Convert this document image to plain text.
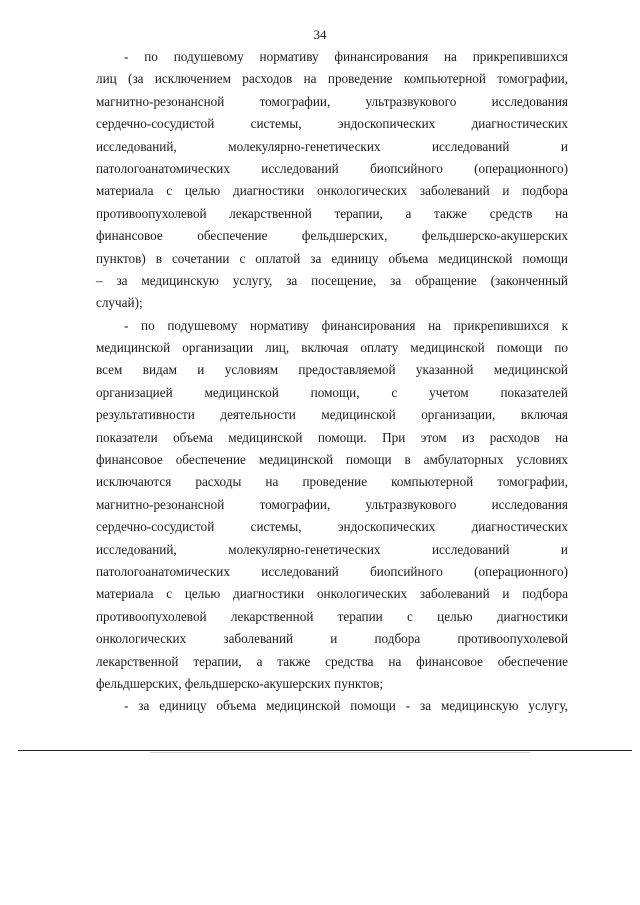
34
- по подушевому нормативу финансирования на прикрепившихся
лиц (за исключением расходов на проведение компьютерной томографии,
магнитно-резонансной томографии, ультразвукового исследования
сердечно-сосудистой системы, эндоскопических диагностических
исследований, молекулярно-генетических исследований и
патологоанатомических исследований биопсийного (операционного)
материала с целью диагностики онкологических заболеваний и подбора
противоопухолевой лекарственной терапии, а также средств на
финансовое обеспечение фельдшерских, фельдшерско-акушерских
пунктов) в сочетании с оплатой за единицу объема медицинской помощи
– за медицинскую услугу, за посещение, за обращение (законченный
случай);
- по подушевому нормативу финансирования на прикрепившихся к
медицинской организации лиц, включая оплату медицинской помощи по
всем видам и условиям предоставляемой указанной медицинской
организацией медицинской помощи, с учетом показателей
результативности деятельности медицинской организации, включая
показатели объема медицинской помощи. При этом из расходов на
финансовое обеспечение медицинской помощи в амбулаторных условиях
исключаются расходы на проведение компьютерной томографии,
магнитно-резонансной томографии, ультразвукового исследования
сердечно-сосудистой системы, эндоскопических диагностических
исследований, молекулярно-генетических исследований и
патологоанатомических исследований биопсийного (операционного)
материала с целью диагностики онкологических заболеваний и подбора
противоопухолевой лекарственной терапии с целью диагностики
онкологических заболеваний и подбора противоопухолевой
лекарственной терапии, а также средства на финансовое обеспечение
фельдшерских, фельдшерско-акушерских пунктов;
- за единицу объема медицинской помощи - за медицинскую услугу,
